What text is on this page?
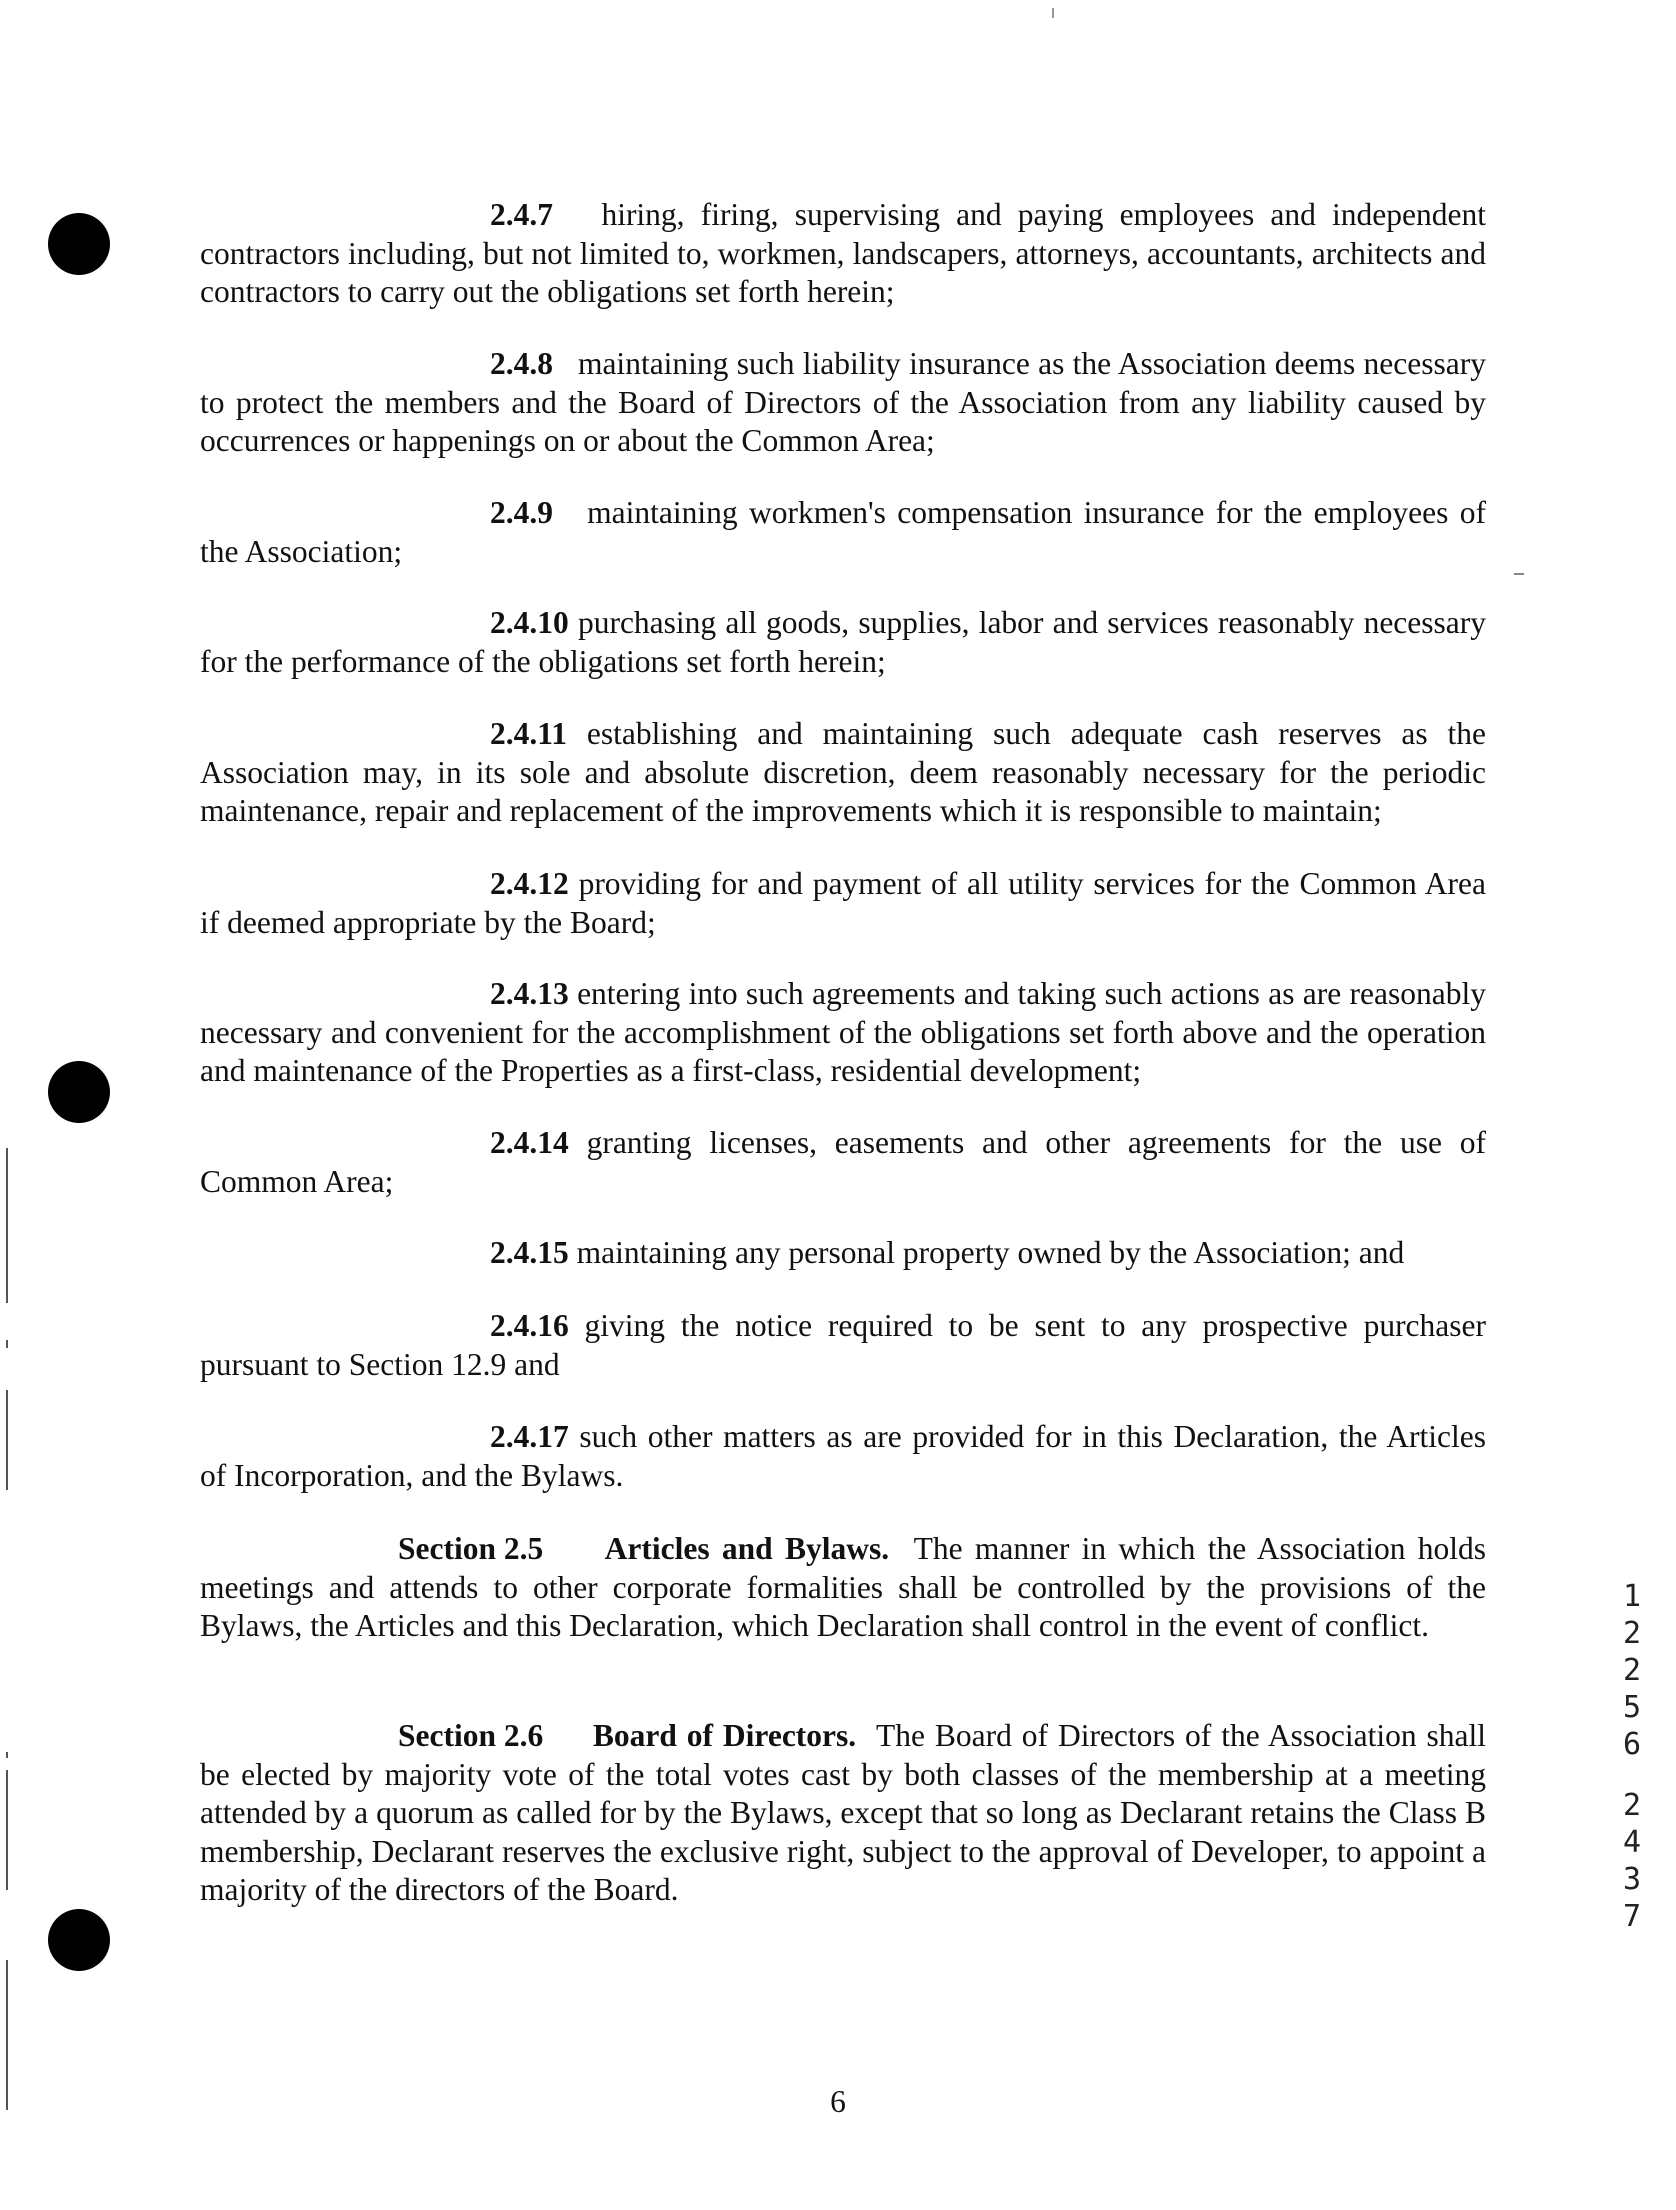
2.4.7 hiring, firing, supervising and paying employees and independent contractors including, but not limited to, workmen, landscapers, attorneys, accountants, architects and contractors to carry out the obligations set forth herein;
2.4.8 maintaining such liability insurance as the Association deems necessary to protect the members and the Board of Directors of the Association from any liability caused by occurrences or happenings on or about the Common Area;
2.4.9 maintaining workmen's compensation insurance for the employees of the Association;
2.4.10 purchasing all goods, supplies, labor and services reasonably necessary for the performance of the obligations set forth herein;
2.4.11 establishing and maintaining such adequate cash reserves as the Association may, in its sole and absolute discretion, deem reasonably necessary for the periodic maintenance, repair and replacement of the improvements which it is responsible to maintain;
2.4.12 providing for and payment of all utility services for the Common Area if deemed appropriate by the Board;
2.4.13 entering into such agreements and taking such actions as are reasonably necessary and convenient for the accomplishment of the obligations set forth above and the operation and maintenance of the Properties as a first-class, residential development;
2.4.14 granting licenses, easements and other agreements for the use of Common Area;
2.4.15 maintaining any personal property owned by the Association; and
2.4.16 giving the notice required to be sent to any prospective purchaser pursuant to Section 12.9 and
2.4.17 such other matters as are provided for in this Declaration, the Articles of Incorporation, and the Bylaws.
Section 2.5 Articles and Bylaws. The manner in which the Association holds meetings and attends to other corporate formalities shall be controlled by the provisions of the Bylaws, the Articles and this Declaration, which Declaration shall control in the event of conflict.
Section 2.6 Board of Directors. The Board of Directors of the Association shall be elected by majority vote of the total votes cast by both classes of the membership at a meeting attended by a quorum as called for by the Bylaws, except that so long as Declarant retains the Class B membership, Declarant reserves the exclusive right, subject to the approval of Developer, to appoint a majority of the directors of the Board.
1
2
2
5
6
2
4
3
7
6
